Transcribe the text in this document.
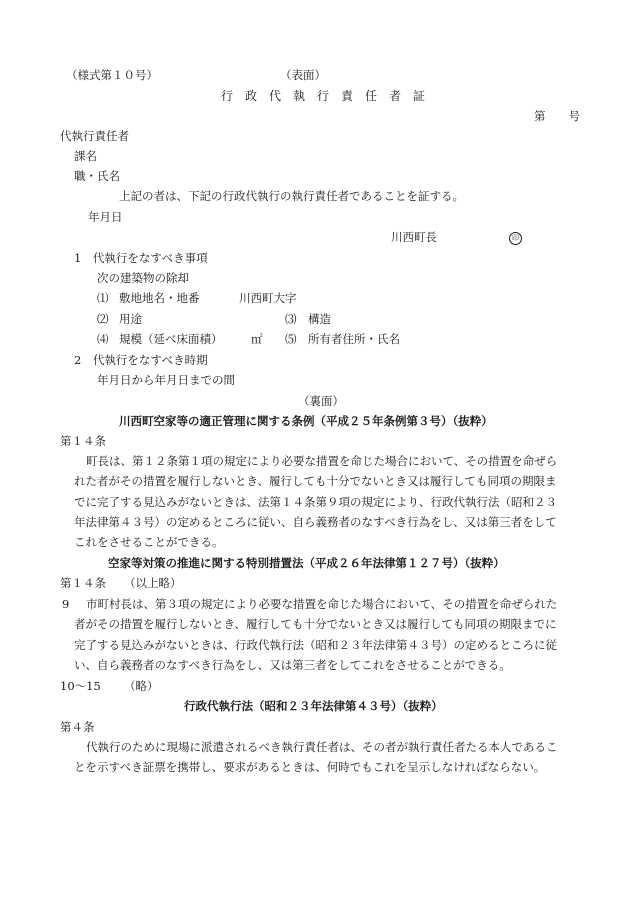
（様式第１０号）	（表面）
行　政　代　執　行　責　任　者　証
第　　号
代執行責任者
課名
職・氏名
上記の者は、下記の行政代執行の執行責任者であることを証する。
年月日
川西町長	印
1　代執行をなすべき事項
次の建築物の除却
⑴ 敷地地名・地番	川西町大字
⑵ 用途	⑶ 構造
⑷ 規模（延べ床面積） ㎡ ⑸ 所有者住所・氏名
2　代執行をなすべき時期
年月日から年月日までの間
（裏面）
川西町空家等の適正管理に関する条例（平成２５年条例第３号）（抜粋）
第１４条
町長は、第１２条第１項の規定により必要な措置を命じた場合において、その措置を命ぜら
れた者がその措置を履行しないとき、履行しても十分でないとき又は履行しても同項の期限ま
でに完了する見込みがないときは、法第１４条第９項の規定により、行政代執行法（昭和２３
年法律第４３号）の定めるところに従い、自ら義務者のなすべき行為をし、又は第三者をして
これをさせることができる。
空家等対策の推進に関する特別措置法（平成２６年法律第１２７号）（抜粋）
第１４条 （以上略）
9	市町村長は、第３項の規定により必要な措置を命じた場合において、その措置を命ぜられた
者がその措置を履行しないとき、履行しても十分でないとき又は履行しても同項の期限までに
完了する見込みがないときは、行政代執行法（昭和２３年法律第４３号）の定めるところに従
い、自ら義務者のなすべき行為をし、又は第三者をしてこれをさせることができる。
10～15 （略）
行政代執行法（昭和２３年法律第４３号）（抜粋）
第４条
代執行のために現場に派遣されるべき執行責任者は、その者が執行責任者たる本人であるこ
とを示すべき証票を携帯し、要求があるときは、何時でもこれを呈示しなければならない。
